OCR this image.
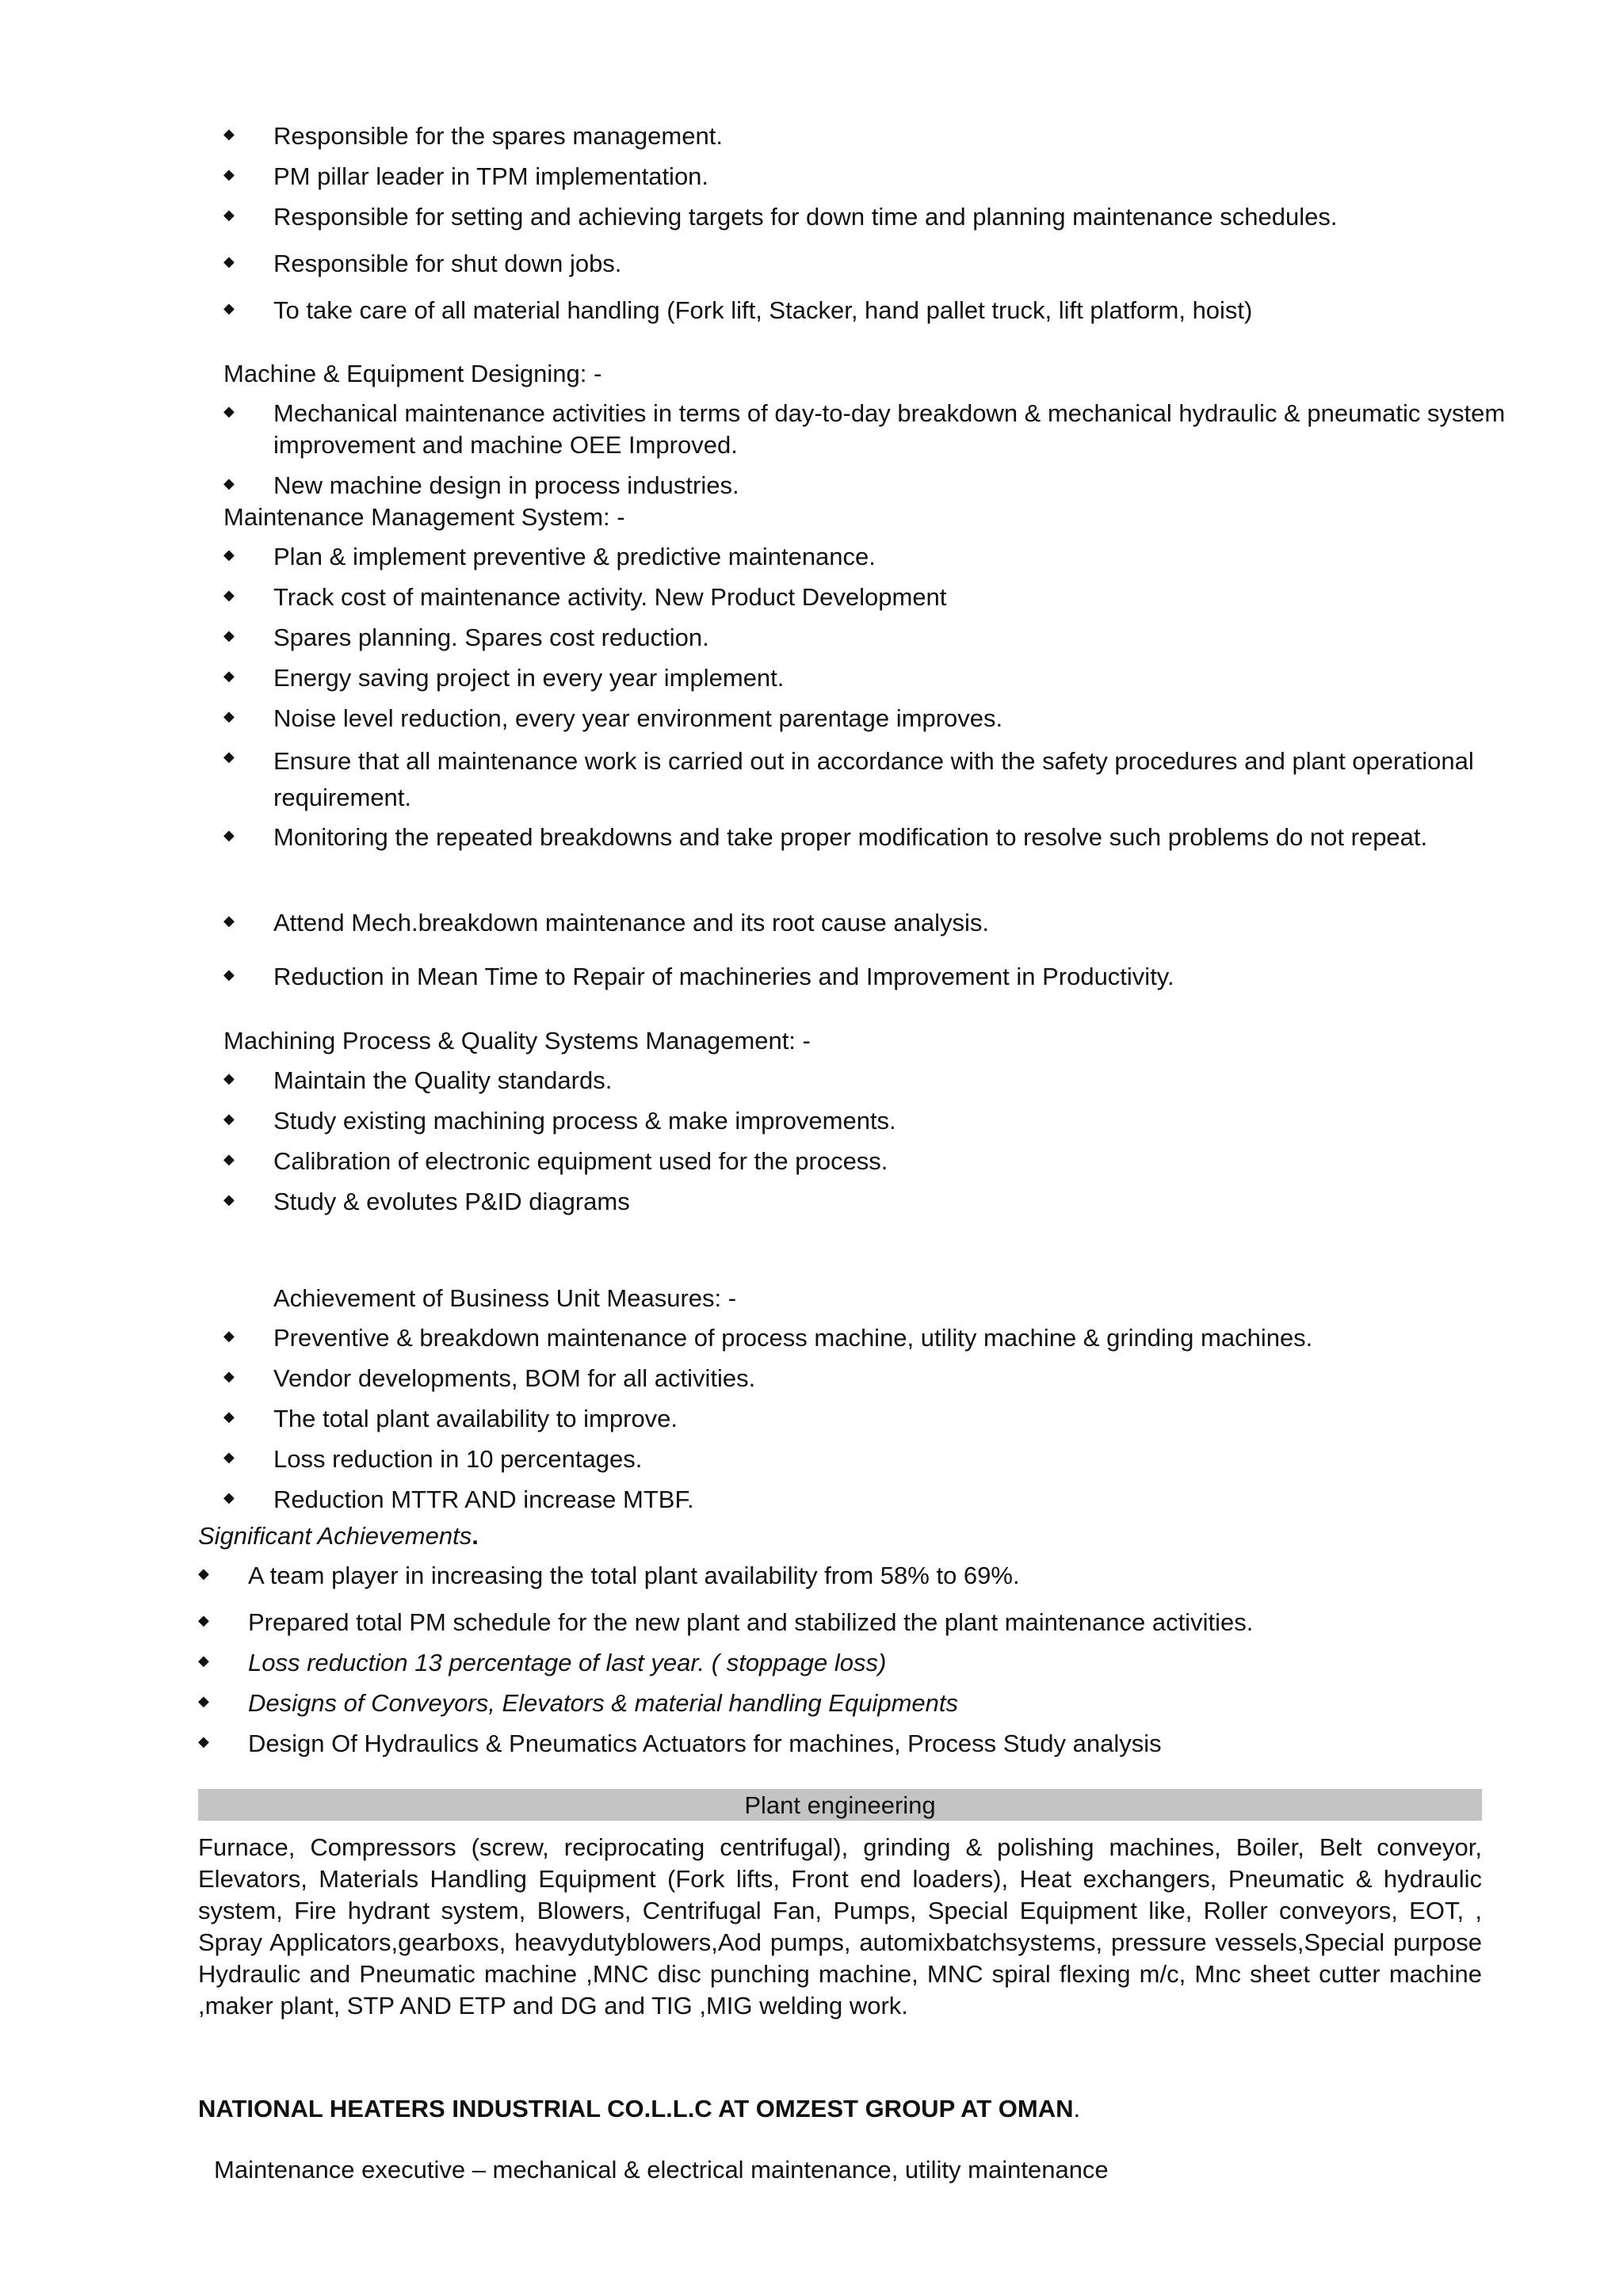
◆ Responsible for the spares management.
◆ PM pillar leader in TPM implementation.
◆ Responsible for setting and achieving targets for down time and planning maintenance schedules.
◆ Responsible for shut down jobs.
◆ To take care of all material handling (Fork lift, Stacker, hand pallet truck, lift platform, hoist)
Machine & Equipment Designing: -
◆ Mechanical maintenance activities in terms of day-to-day breakdown & mechanical hydraulic & pneumatic system improvement and machine OEE Improved.
◆ New machine design in process industries.
Maintenance Management System: -
◆ Plan & implement preventive & predictive maintenance.
◆ Track cost of maintenance activity. New Product Development
◆ Spares planning. Spares cost reduction.
◆ Energy saving project in every year implement.
◆ Noise level reduction, every year environment parentage improves.
◆ Ensure that all maintenance work is carried out in accordance with the safety procedures and plant operational requirement.
◆ Monitoring the repeated breakdowns and take proper modification to resolve such problems do not repeat.
◆ Attend Mech.breakdown maintenance and its root cause analysis.
◆ Reduction in Mean Time to Repair of machineries and Improvement in Productivity.
Machining Process & Quality Systems Management: -
◆ Maintain the Quality standards.
◆ Study existing machining process & make improvements.
◆ Calibration of electronic equipment used for the process.
◆ Study & evolutes P&ID diagrams
Achievement of Business Unit Measures: -
◆ Preventive & breakdown maintenance of process machine, utility machine & grinding machines.
◆ Vendor developments, BOM for all activities.
◆ The total plant availability to improve.
◆ Loss reduction in 10 percentages.
◆ Reduction MTTR AND increase MTBF.
Significant Achievements.
◆ A team player in increasing the total plant availability from 58% to 69%.
◆ Prepared total PM schedule for the new plant and stabilized the plant maintenance activities.
◆ Loss reduction 13 percentage of last year. ( stoppage loss)
◆ Designs of Conveyors, Elevators & material handling Equipments
◆ Design Of Hydraulics & Pneumatics Actuators for machines, Process Study analysis
Plant engineering
Furnace, Compressors (screw, reciprocating centrifugal), grinding & polishing machines, Boiler, Belt conveyor, Elevators, Materials Handling Equipment (Fork lifts, Front end loaders), Heat exchangers, Pneumatic & hydraulic system, Fire hydrant system, Blowers, Centrifugal Fan, Pumps, Special Equipment like, Roller conveyors, EOT, , Spray Applicators,gearboxs, heavydutyblowers,Aod pumps, automixbatchsystems, pressure vessels,Special purpose Hydraulic and Pneumatic machine ,MNC disc punching machine, MNC spiral flexing m/c, Mnc sheet cutter machine ,maker plant, STP AND ETP and DG and TIG ,MIG welding work.
NATIONAL HEATERS INDUSTRIAL CO.L.L.C AT OMZEST GROUP AT OMAN.
Maintenance executive – mechanical & electrical maintenance, utility maintenance
